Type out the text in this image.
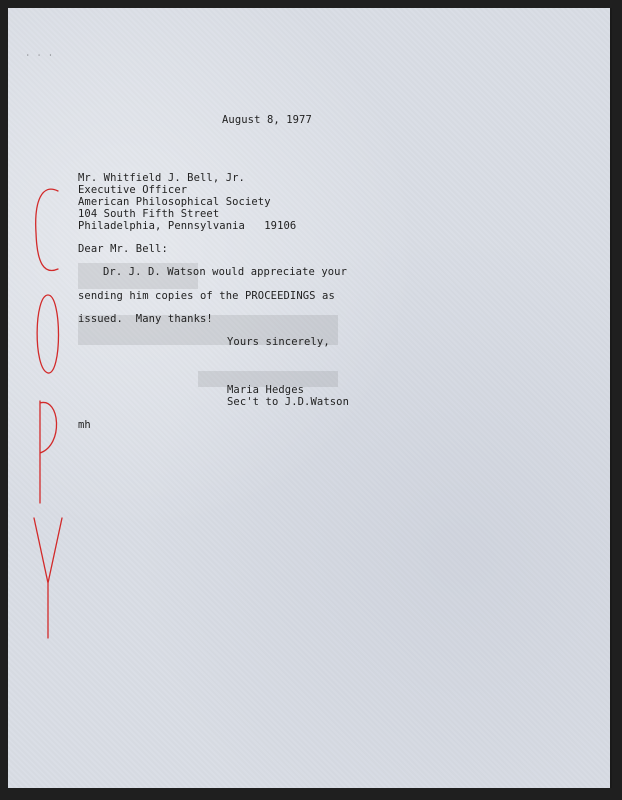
· · ·
August 8, 1977
Mr. Whitfield J. Bell, Jr.
Executive Officer
American Philosophical Society
104 South Fifth Street
Philadelphia, Pennsylvania   19106
Dear Mr. Bell:
Dr. J. D. Watson would appreciate your
sending him copies of the PROCEEDINGS as
issued.  Many thanks!
Yours sincerely,
Maria Hedges
Sec't to J.D.Watson
mh
